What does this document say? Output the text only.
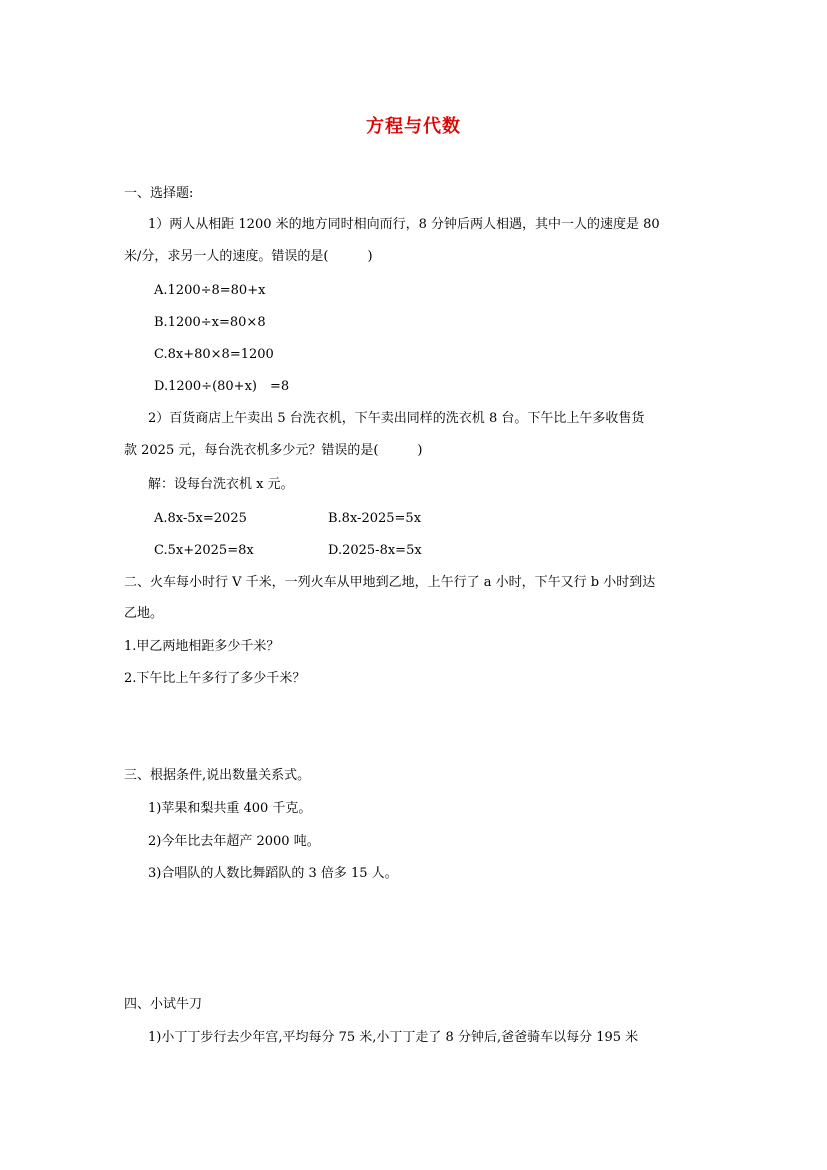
方程与代数
一、选择题:
1）两人从相距 1200 米的地方同时相向而行，8 分钟后两人相遇，其中一人的速度是 80
米/分，求另一人的速度。错误的是(　　　)
A.1200÷8=80+x
B.1200÷x=80×8
C.8x+80×8=1200
D.1200÷(80+x)　=8
2）百货商店上午卖出 5 台洗衣机，下午卖出同样的洗衣机 8 台。下午比上午多收售货
款 2025 元，每台洗衣机多少元？错误的是(　　　)
解：设每台洗衣机 x 元。
A.8x-5x=2025	B.8x-2025=5x
C.5x+2025=8x	D.2025-8x=5x
二、火车每小时行 V 千米，一列火车从甲地到乙地，上午行了 a 小时，下午又行 b 小时到达
乙地。
1.甲乙两地相距多少千米？
2.下午比上午多行了多少千米？
三、根据条件,说出数量关系式。
1)苹果和梨共重 400 千克。
2)今年比去年超产 2000 吨。
3)合唱队的人数比舞蹈队的 3 倍多 15 人。
四、小试牛刀
1)小丁丁步行去少年宫,平均每分 75 米,小丁丁走了 8 分钟后,爸爸骑车以每分 195 米
